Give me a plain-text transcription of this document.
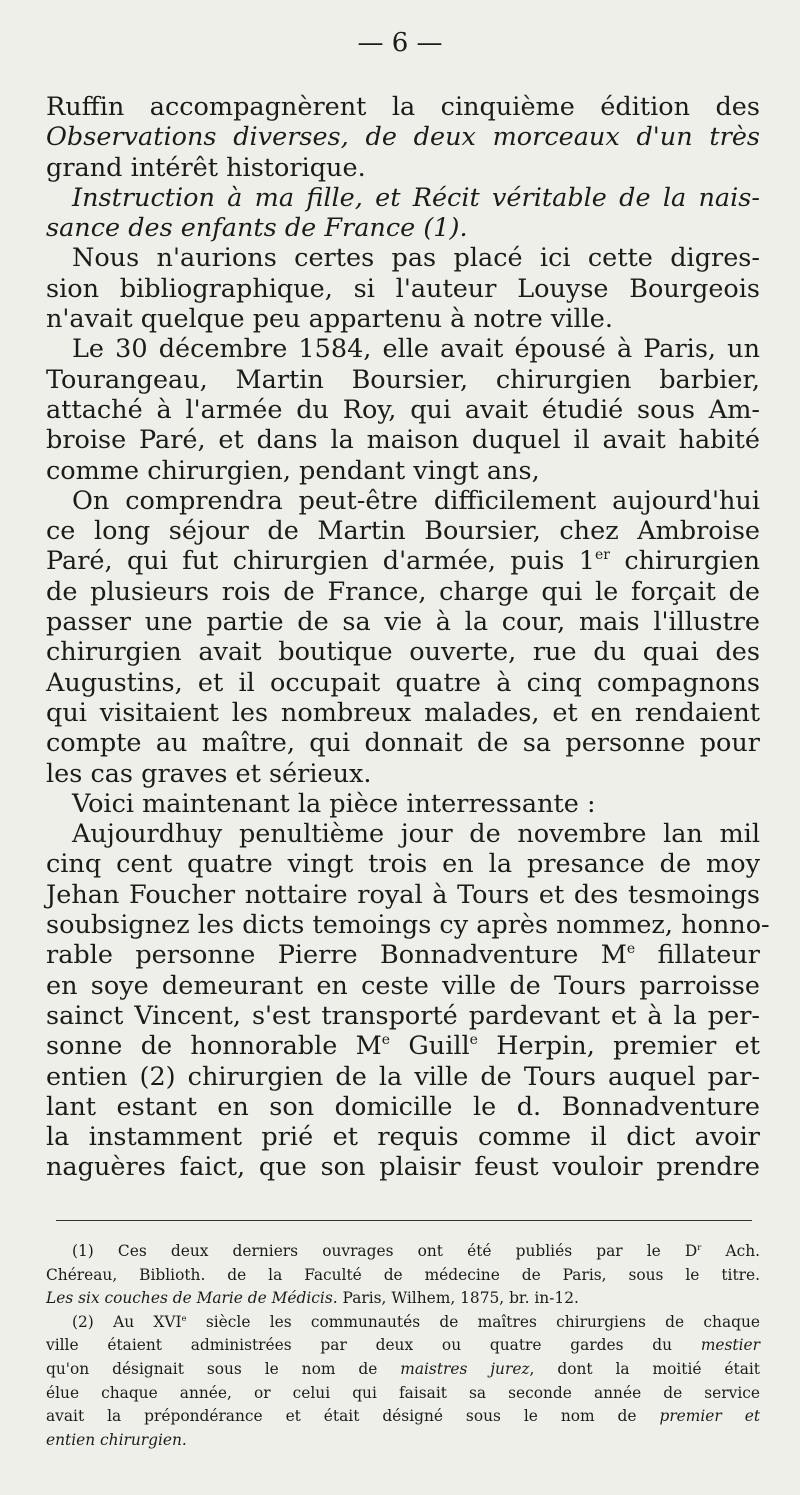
— 6 —
Ruffin accompagnèrent la cinquième édition des
Observations diverses, de deux morceaux d'un très
grand intérêt historique.
Instruction à ma fille, et Récit véritable de la nais-
sance des enfants de France (1).
Nous n'aurions certes pas placé ici cette digres-
sion bibliographique, si l'auteur Louyse Bourgeois
n'avait quelque peu appartenu à notre ville.
Le 30 décembre 1584, elle avait épousé à Paris, un
Tourangeau, Martin Boursier, chirurgien barbier,
attaché à l'armée du Roy, qui avait étudié sous Am-
broise Paré, et dans la maison duquel il avait habité
comme chirurgien, pendant vingt ans,
On comprendra peut-être difficilement aujourd'hui
ce long séjour de Martin Boursier, chez Ambroise
Paré, qui fut chirurgien d'armée, puis 1er chirurgien
de plusieurs rois de France, charge qui le forçait de
passer une partie de sa vie à la cour, mais l'illustre
chirurgien avait boutique ouverte, rue du quai des
Augustins, et il occupait quatre à cinq compagnons
qui visitaient les nombreux malades, et en rendaient
compte au maître, qui donnait de sa personne pour
les cas graves et sérieux.
Voici maintenant la pièce interressante :
Aujourdhuy penultième jour de novembre lan mil
cinq cent quatre vingt trois en la presance de moy
Jehan Foucher nottaire royal à Tours et des tesmoings
soubsignez les dicts temoings cy après nommez, honno-
rable personne Pierre Bonnadventure Me fillateur
en soye demeurant en ceste ville de Tours parroisse
sainct Vincent, s'est transporté pardevant et à la per-
sonne de honnorable Me Guill$^e$ Herpin, premier et
entien (2) chirurgien de la ville de Tours auquel par-
lant estant en son domicille le d. Bonnadventure
la instamment prié et requis comme il dict avoir
naguères faict, que son plaisir feust vouloir prendre
(1) Ces deux derniers ouvrages ont été publiés par le $D^r$ Ach.
Chéreau, Biblioth. de la Faculté de médecine de Paris, sous le titre.
Les six couches de Marie de Médicis. Paris, Wilhem, 1875, br. in-12.
(2) Au XVIe siècle les communautés de maîtres chirurgiens de chaque
ville étaient administrées par deux ou quatre gardes du mestier
qu'on désignait sous le nom de maistres jurez, dont la moitié était
élue chaque année, or celui qui faisait sa seconde année de service
avait la prépondérance et était désigné sous le nom de premier et
entien chirurgien.
